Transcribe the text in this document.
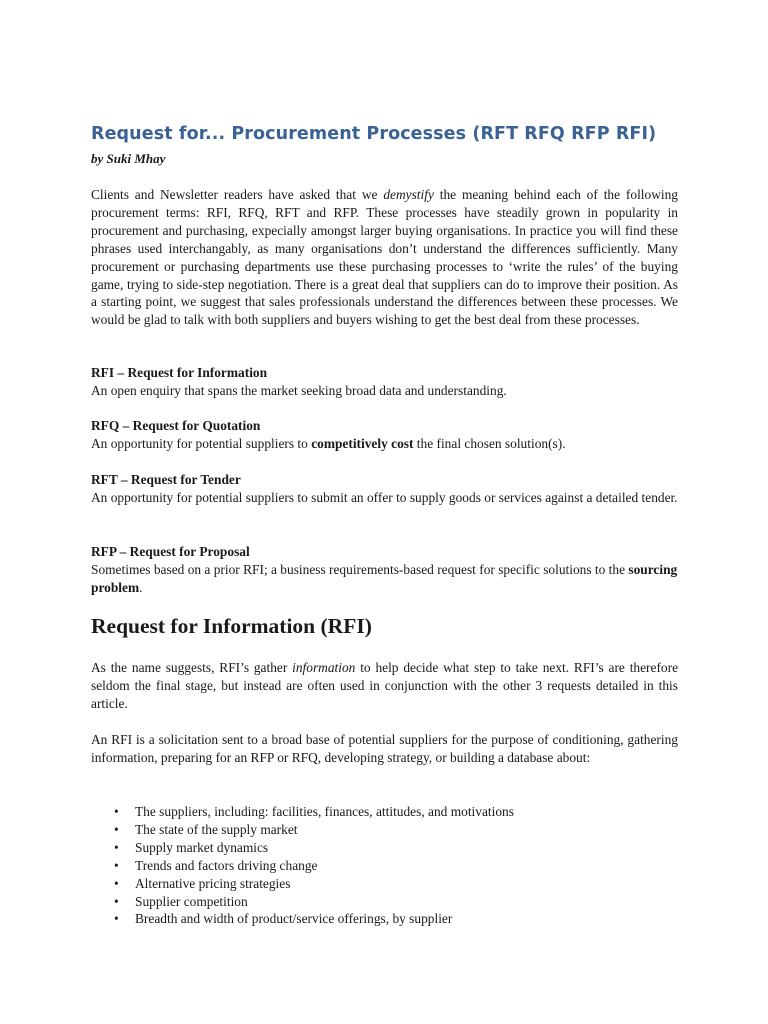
Request for... Procurement Processes (RFT RFQ RFP RFI)
by Suki Mhay

Clients and Newsletter readers have asked that we demystify the meaning behind each of the following procurement terms: RFI, RFQ, RFT and RFP. These processes have steadily grown in popularity in procurement and purchasing, expecially amongst larger buying organisations. In practice you will find these phrases used interchangably, as many organisations don’t understand the differences sufficiently. Many procurement or purchasing departments use these purchasing processes to ‘write the rules’ of the buying game, trying to side-step negotiation. There is a great deal that suppliers can do to improve their position. As a starting point, we suggest that sales professionals understand the differences between these processes. We would be glad to talk with both suppliers and buyers wishing to get the best deal from these processes.

RFI – Request for Information
An open enquiry that spans the market seeking broad data and understanding.
RFQ – Request for Quotation
An opportunity for potential suppliers to competitively cost the final chosen solution(s).
RFT – Request for Tender
An opportunity for potential suppliers to submit an offer to supply goods or services against a detailed tender.
RFP – Request for Proposal
Sometimes based on a prior RFI; a business requirements-based request for specific solutions to the sourcing problem.
Request for Information (RFI)

As the name suggests, RFI’s gather information to help decide what step to take next. RFI’s are therefore seldom the final stage, but instead are often used in conjunction with the other 3 requests detailed in this article.

An RFI is a solicitation sent to a broad base of potential suppliers for the purpose of conditioning, gathering information, preparing for an RFP or RFQ, developing strategy, or building a database about:

• The suppliers, including: facilities, finances, attitudes, and motivations
• The state of the supply market
• Supply market dynamics
• Trends and factors driving change
• Alternative pricing strategies
• Supplier competition
• Breadth and width of product/service offerings, by supplier
